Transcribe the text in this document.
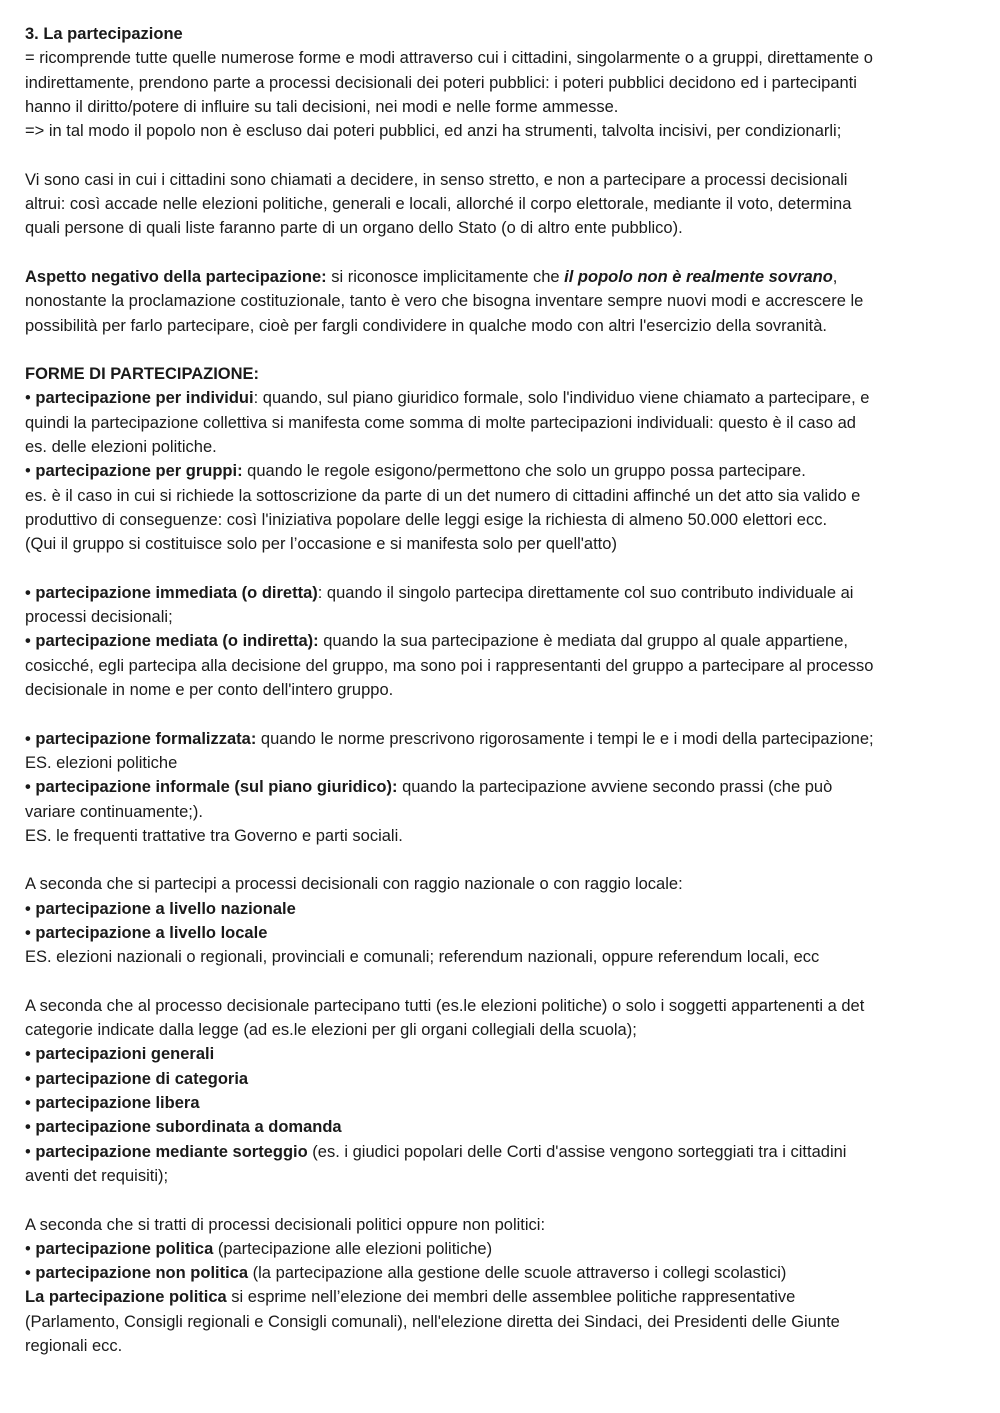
3. La partecipazione
= ricomprende tutte quelle numerose forme e modi attraverso cui i cittadini, singolarmente o a gruppi, direttamente o
indirettamente, prendono parte a processi decisionali dei poteri pubblici: i poteri pubblici decidono ed i partecipanti
hanno il diritto/potere di influire su tali decisioni, nei modi e nelle forme ammesse.
=> in tal modo il popolo non è escluso dai poteri pubblici, ed anzi ha strumenti, talvolta incisivi, per condizionarli;
Vi sono casi in cui i cittadini sono chiamati a decidere, in senso stretto, e non a partecipare a processi decisionali
altrui: così accade nelle elezioni politiche, generali e locali, allorché il corpo elettorale, mediante il voto, determina
quali persone di quali liste faranno parte di un organo dello Stato (o di altro ente pubblico).
Aspetto negativo della partecipazione: si riconosce implicitamente che il popolo non è realmente sovrano,
nonostante la proclamazione costituzionale, tanto è vero che bisogna inventare sempre nuovi modi e accrescere le
possibilità per farlo partecipare, cioè per fargli condividere in qualche modo con altri l'esercizio della sovranità.
FORME DI PARTECIPAZIONE:
• partecipazione per individui: quando, sul piano giuridico formale, solo l'individuo viene chiamato a partecipare, e
quindi la partecipazione collettiva si manifesta come somma di molte partecipazioni individuali: questo è il caso ad
es. delle elezioni politiche.
• partecipazione per gruppi: quando le regole esigono/permettono che solo un gruppo possa partecipare.
es. è il caso in cui si richiede la sottoscrizione da parte di un det numero di cittadini affinché un det atto sia valido e
produttivo di conseguenze: così l'iniziativa popolare delle leggi esige la richiesta di almeno 50.000 elettori ecc.
(Qui il gruppo si costituisce solo per l’occasione e si manifesta solo per quell'atto)
• partecipazione immediata (o diretta): quando il singolo partecipa direttamente col suo contributo individuale ai
processi decisionali;
• partecipazione mediata (o indiretta): quando la sua partecipazione è mediata dal gruppo al quale appartiene,
cosicché, egli partecipa alla decisione del gruppo, ma sono poi i rappresentanti del gruppo a partecipare al processo
decisionale in nome e per conto dell'intero gruppo.
• partecipazione formalizzata: quando le norme prescrivono rigorosamente i tempi le e i modi della partecipazione;
ES. elezioni politiche
• partecipazione informale (sul piano giuridico): quando la partecipazione avviene secondo prassi (che può
variare continuamente;).
ES. le frequenti trattative tra Governo e parti sociali.
A seconda che si partecipi a processi decisionali con raggio nazionale o con raggio locale:
• partecipazione a livello nazionale
• partecipazione a livello locale
ES. elezioni nazionali o regionali, provinciali e comunali; referendum nazionali, oppure referendum locali, ecc
A seconda che al processo decisionale partecipano tutti (es.le elezioni politiche) o solo i soggetti appartenenti a det
categorie indicate dalla legge (ad es.le elezioni per gli organi collegiali della scuola);
• partecipazioni generali
• partecipazione di categoria
• partecipazione libera
• partecipazione subordinata a domanda
• partecipazione mediante sorteggio (es. i giudici popolari delle Corti d'assise vengono sorteggiati tra i cittadini
aventi det requisiti);
A seconda che si tratti di processi decisionali politici oppure non politici:
• partecipazione politica (partecipazione alle elezioni politiche)
• partecipazione non politica (la partecipazione alla gestione delle scuole attraverso i collegi scolastici)
La partecipazione politica si esprime nell’elezione dei membri delle assemblee politiche rappresentative
(Parlamento, Consigli regionali e Consigli comunali), nell'elezione diretta dei Sindaci, dei Presidenti delle Giunte
regionali ecc.
